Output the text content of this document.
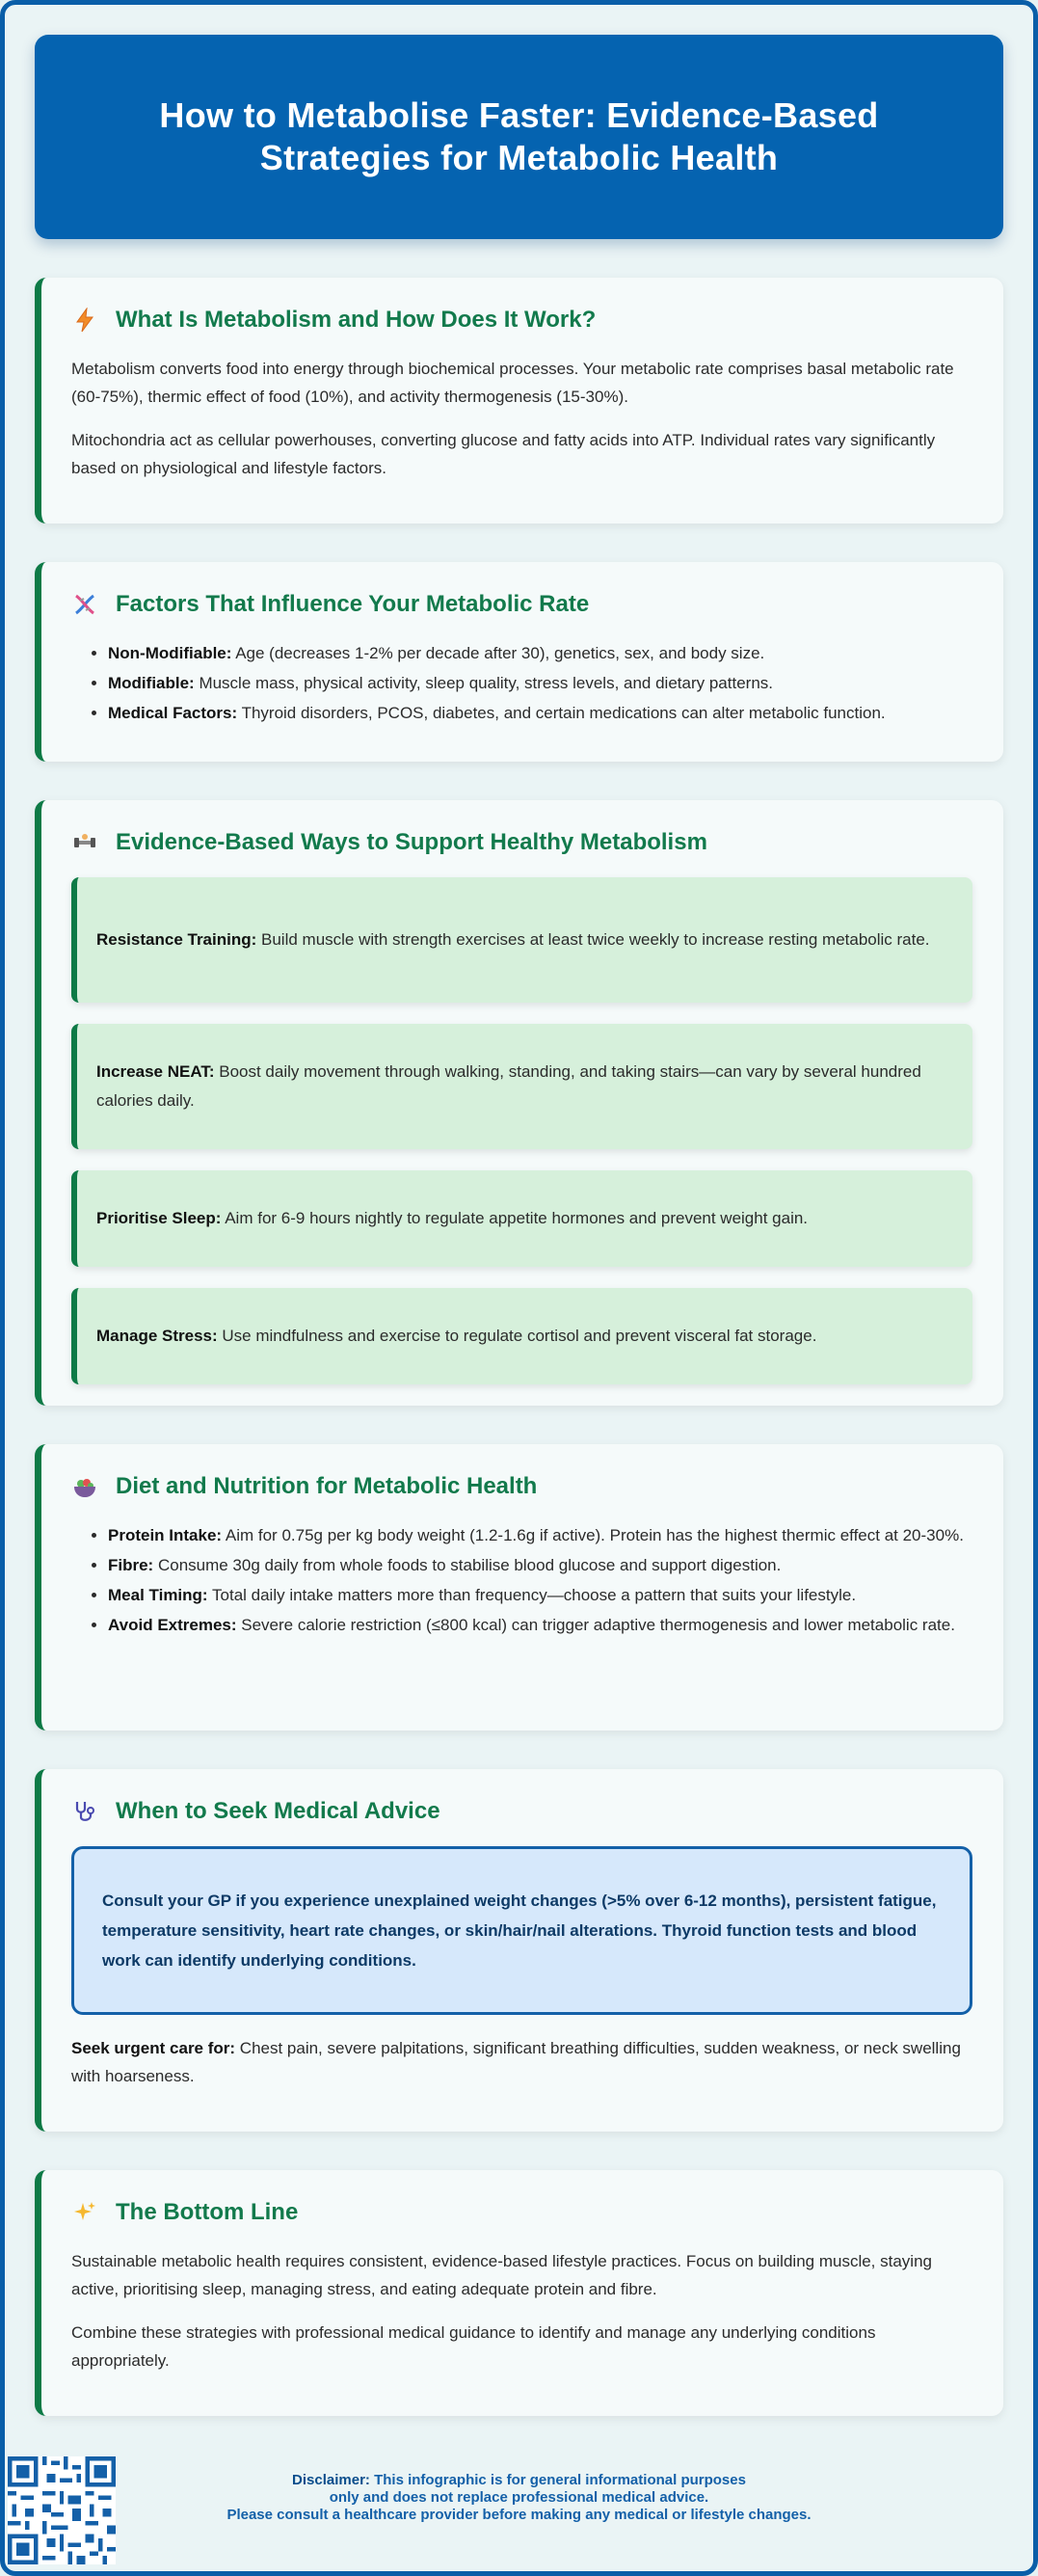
How to Metabolise Faster: Evidence-Based Strategies for Metabolic Health
What Is Metabolism and How Does It Work?

Metabolism converts food into energy through biochemical processes. Your metabolic rate comprises basal metabolic rate (60-75%), thermic effect of food (10%), and activity thermogenesis (15-30%).

Mitochondria act as cellular powerhouses, converting glucose and fatty acids into ATP. Individual rates vary significantly based on physiological and lifestyle factors.

Factors That Influence Your Metabolic Rate
• Non-Modifiable: Age (decreases 1-2% per decade after 30), genetics, sex, and body size.
• Modifiable: Muscle mass, physical activity, sleep quality, stress levels, and dietary patterns.
• Medical Factors: Thyroid disorders, PCOS, diabetes, and certain medications can alter metabolic function.
Evidence-Based Ways to Support Healthy Metabolism
Resistance Training: Build muscle with strength exercises at least twice weekly to increase resting metabolic rate.
Increase NEAT: Boost daily movement through walking, standing, and taking stairs—can vary by several hundred calories daily.
Prioritise Sleep: Aim for 6-9 hours nightly to regulate appetite hormones and prevent weight gain.
Manage Stress: Use mindfulness and exercise to regulate cortisol and prevent visceral fat storage.
Diet and Nutrition for Metabolic Health
• Protein Intake: Aim for 0.75g per kg body weight (1.2-1.6g if active). Protein has the highest thermic effect at 20-30%.
• Fibre: Consume 30g daily from whole foods to stabilise blood glucose and support digestion.
• Meal Timing: Total daily intake matters more than frequency—choose a pattern that suits your lifestyle.
• Avoid Extremes: Severe calorie restriction (≤800 kcal) can trigger adaptive thermogenesis and lower metabolic rate.
When to Seek Medical Advice
Consult your GP if you experience unexplained weight changes (>5% over 6-12 months), persistent fatigue, temperature sensitivity, heart rate changes, or skin/hair/nail alterations. Thyroid function tests and blood work can identify underlying conditions.

Seek urgent care for: Chest pain, severe palpitations, significant breathing difficulties, sudden weakness, or neck swelling with hoarseness.

The Bottom Line

Sustainable metabolic health requires consistent, evidence-based lifestyle practices. Focus on building muscle, staying active, prioritising sleep, managing stress, and eating adequate protein and fibre.

Combine these strategies with professional medical guidance to identify and manage any underlying conditions appropriately.

Disclaimer: This infographic is for general informational purposes
only and does not replace professional medical advice.
Please consult a healthcare provider before making any medical or lifestyle changes.
